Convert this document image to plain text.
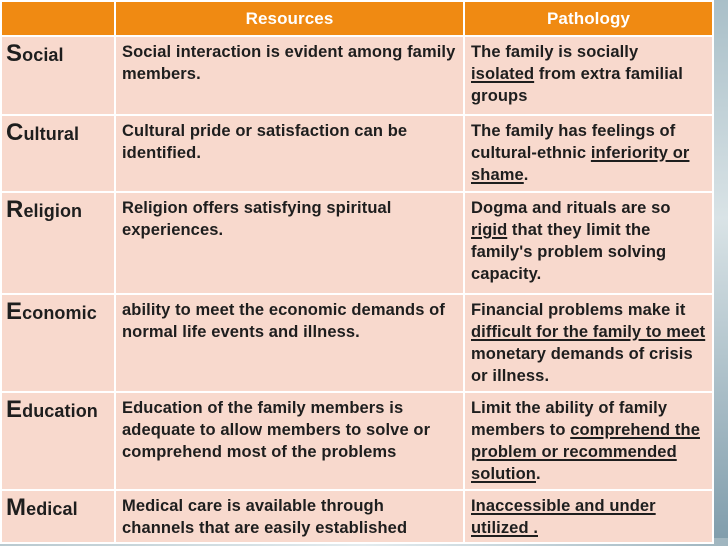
	Resources	Pathology
Social	Social interaction is evident among family members.	The family is socially isolated from extra familial groups
Cultural	Cultural pride or satisfaction can be identified.	The family has feelings of cultural-ethnic inferiority or shame.
Religion	Religion offers satisfying spiritual experiences.	Dogma and rituals are so rigid that they limit the family's problem solving capacity.
Economic	ability to meet the economic demands of normal life events and illness.	Financial problems make it difficult for the family to meet monetary demands of crisis or illness.
Education	Education of the family members is adequate to allow members to solve or comprehend most of the problems	Limit the ability of family members to comprehend the problem or recommended solution.
Medical	Medical care is available through channels that are easily established	Inaccessible and under utilized .
